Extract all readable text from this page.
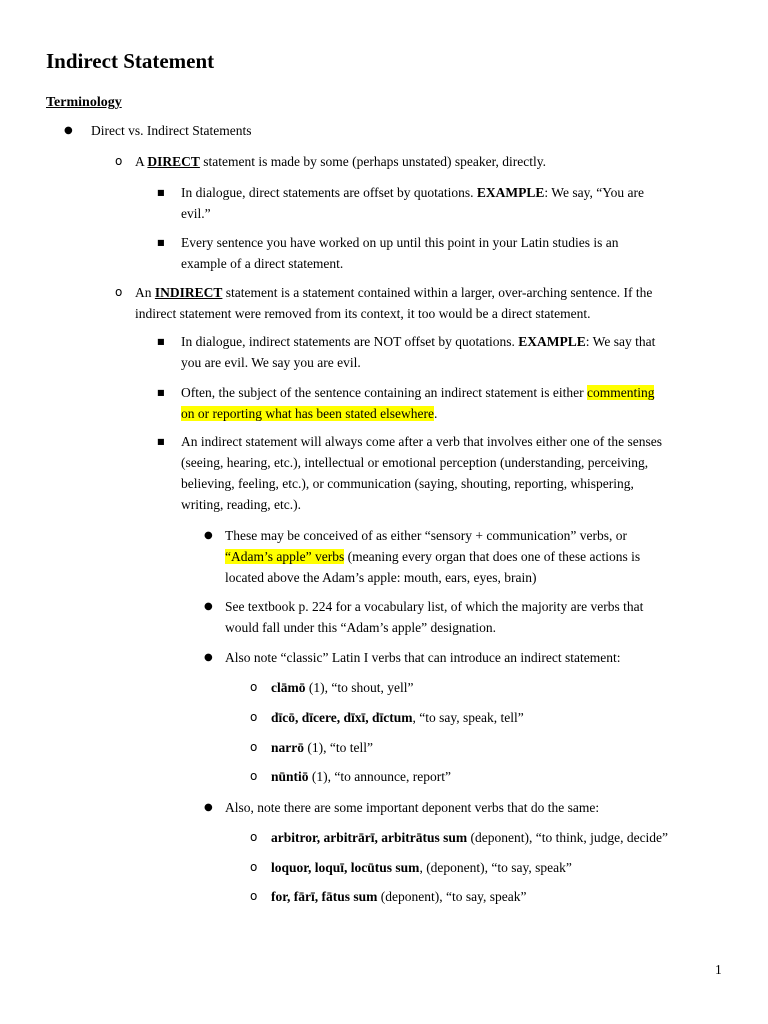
Indirect Statement
Terminology
● Direct vs. Indirect Statements
o A DIRECT statement is made by some (perhaps unstated) speaker, directly.
■ In dialogue, direct statements are offset by quotations. EXAMPLE: We say, “You are
evil.”
■ Every sentence you have worked on up until this point in your Latin studies is an
example of a direct statement.
o An INDIRECT statement is a statement contained within a larger, over-arching sentence. If the
indirect statement were removed from its context, it too would be a direct statement.
■ In dialogue, indirect statements are NOT offset by quotations. EXAMPLE: We say that
you are evil. We say you are evil.
■ Often, the subject of the sentence containing an indirect statement is either commenting
on or reporting what has been stated elsewhere.
■ An indirect statement will always come after a verb that involves either one of the senses
(seeing, hearing, etc.), intellectual or emotional perception (understanding, perceiving,
believing, feeling, etc.), or communication (saying, shouting, reporting, whispering,
writing, reading, etc.).
● These may be conceived of as either “sensory + communication” verbs, or
“Adam’s apple” verbs (meaning every organ that does one of these actions is
located above the Adam’s apple: mouth, ears, eyes, brain)
● See textbook p. 224 for a vocabulary list, of which the majority are verbs that
would fall under this “Adam’s apple” designation.
● Also note “classic” Latin I verbs that can introduce an indirect statement:
o clāmō (1), “to shout, yell”
o dīcō, dīcere, dīxī, dīctum, “to say, speak, tell”
o narrō (1), “to tell”
o nūntiō (1), “to announce, report”
● Also, note there are some important deponent verbs that do the same:
o arbitror, arbitrārī, arbitrātus sum (deponent), “to think, judge, decide”
o loquor, loquī, locūtus sum, (deponent), “to say, speak”
o for, fārī, fātus sum (deponent), “to say, speak”
1
